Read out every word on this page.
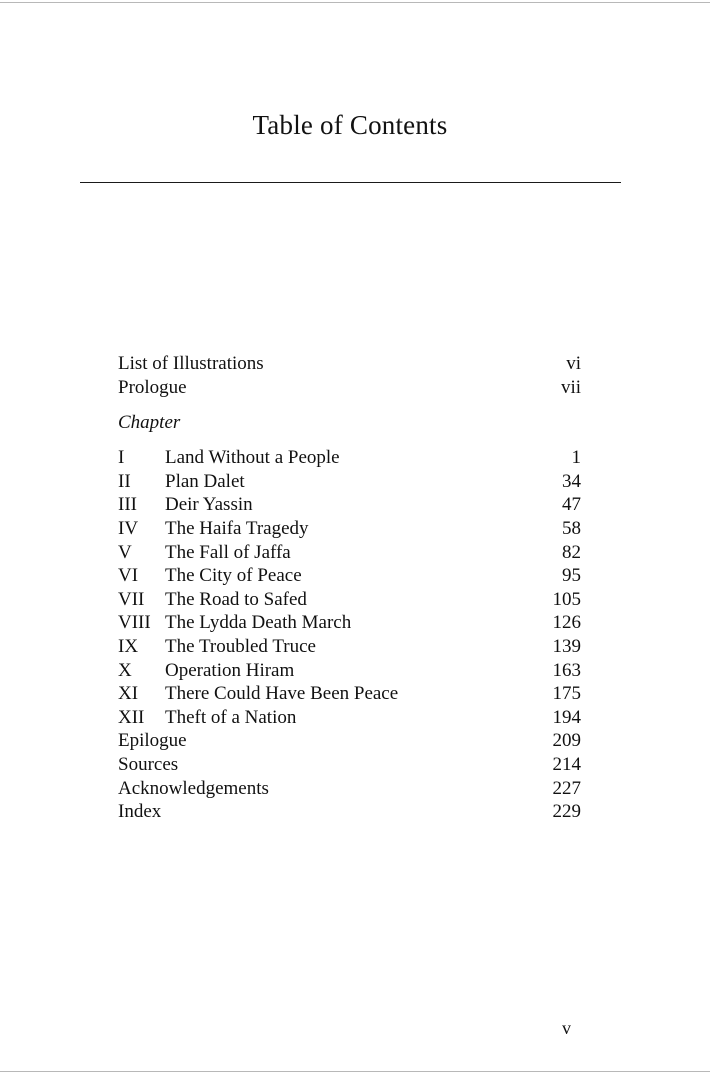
Table of Contents
List of Illustrations	vi
Prologue	vii
Chapter
I	Land Without a People	1
II	Plan Dalet	34
III	Deir Yassin	47
IV	The Haifa Tragedy	58
V	The Fall of Jaffa	82
VI	The City of Peace	95
VII	The Road to Safed	105
VIII The Lydda Death March	126
IX	The Troubled Truce	139
X	Operation Hiram	163
XI	There Could Have Been Peace	175
XII	Theft of a Nation	194
Epilogue	209
Sources	214
Acknowledgements	227
Index	229
v
